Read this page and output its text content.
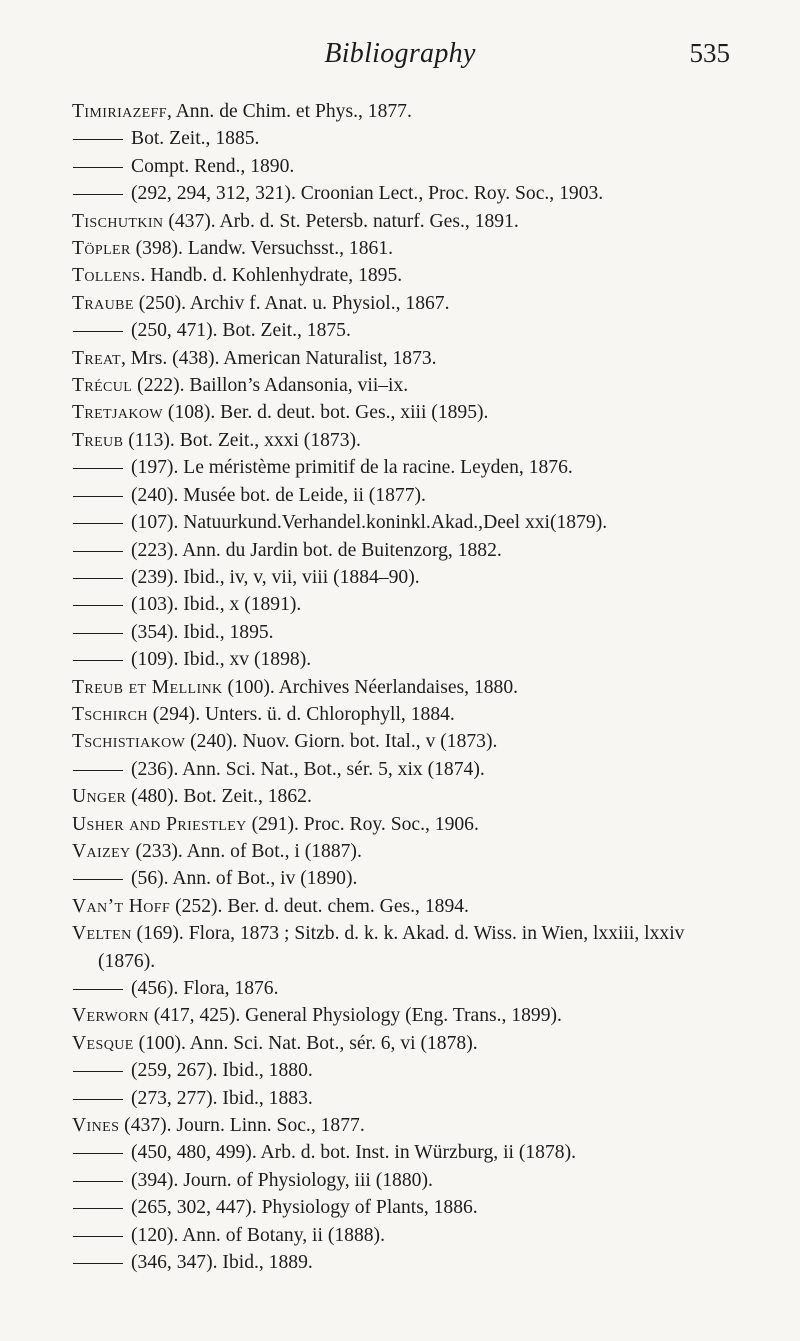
Bibliography	535
Timiriazeff, Ann. de Chim. et Phys., 1877.
Bot. Zeit., 1885.
Compt. Rend., 1890.
(292, 294, 312, 321). Croonian Lect., Proc. Roy. Soc., 1903.
Tischutkin (437). Arb. d. St. Petersb. naturf. Ges., 1891.
Töpler (398). Landw. Versuchsst., 1861.
Tollens. Handb. d. Kohlenhydrate, 1895.
Traube (250). Archiv f. Anat. u. Physiol., 1867.
(250, 471). Bot. Zeit., 1875.
Treat, Mrs. (438). American Naturalist, 1873.
Trécul (222). Baillon’s Adansonia, vii–ix.
Tretjakow (108). Ber. d. deut. bot. Ges., xiii (1895).
Treub (113). Bot. Zeit., xxxi (1873).
(197). Le méristème primitif de la racine. Leyden, 1876.
(240). Musée bot. de Leide, ii (1877).
(107). Natuurkund.Verhandel.koninkl.Akad.,Deel xxi(1879).
(223). Ann. du Jardin bot. de Buitenzorg, 1882.
(239). Ibid., iv, v, vii, viii (1884–90).
(103). Ibid., x (1891).
(354). Ibid., 1895.
(109). Ibid., xv (1898).
Treub et Mellink (100). Archives Néerlandaises, 1880.
Tschirch (294). Unters. ü. d. Chlorophyll, 1884.
Tschistiakow (240). Nuov. Giorn. bot. Ital., v (1873).
(236). Ann. Sci. Nat., Bot., sér. 5, xix (1874).
Unger (480). Bot. Zeit., 1862.
Usher and Priestley (291). Proc. Roy. Soc., 1906.
Vaizey (233). Ann. of Bot., i (1887).
(56). Ann. of Bot., iv (1890).
Van’t Hoff (252). Ber. d. deut. chem. Ges., 1894.
Velten (169). Flora, 1873 ; Sitzb. d. k. k. Akad. d. Wiss. in Wien, lxxiii, lxxiv (1876).
(456). Flora, 1876.
Verworn (417, 425). General Physiology (Eng. Trans., 1899).
Vesque (100). Ann. Sci. Nat. Bot., sér. 6, vi (1878).
(259, 267). Ibid., 1880.
(273, 277). Ibid., 1883.
Vines (437). Journ. Linn. Soc., 1877.
(450, 480, 499). Arb. d. bot. Inst. in Würzburg, ii (1878).
(394). Journ. of Physiology, iii (1880).
(265, 302, 447). Physiology of Plants, 1886.
(120). Ann. of Botany, ii (1888).
(346, 347). Ibid., 1889.
